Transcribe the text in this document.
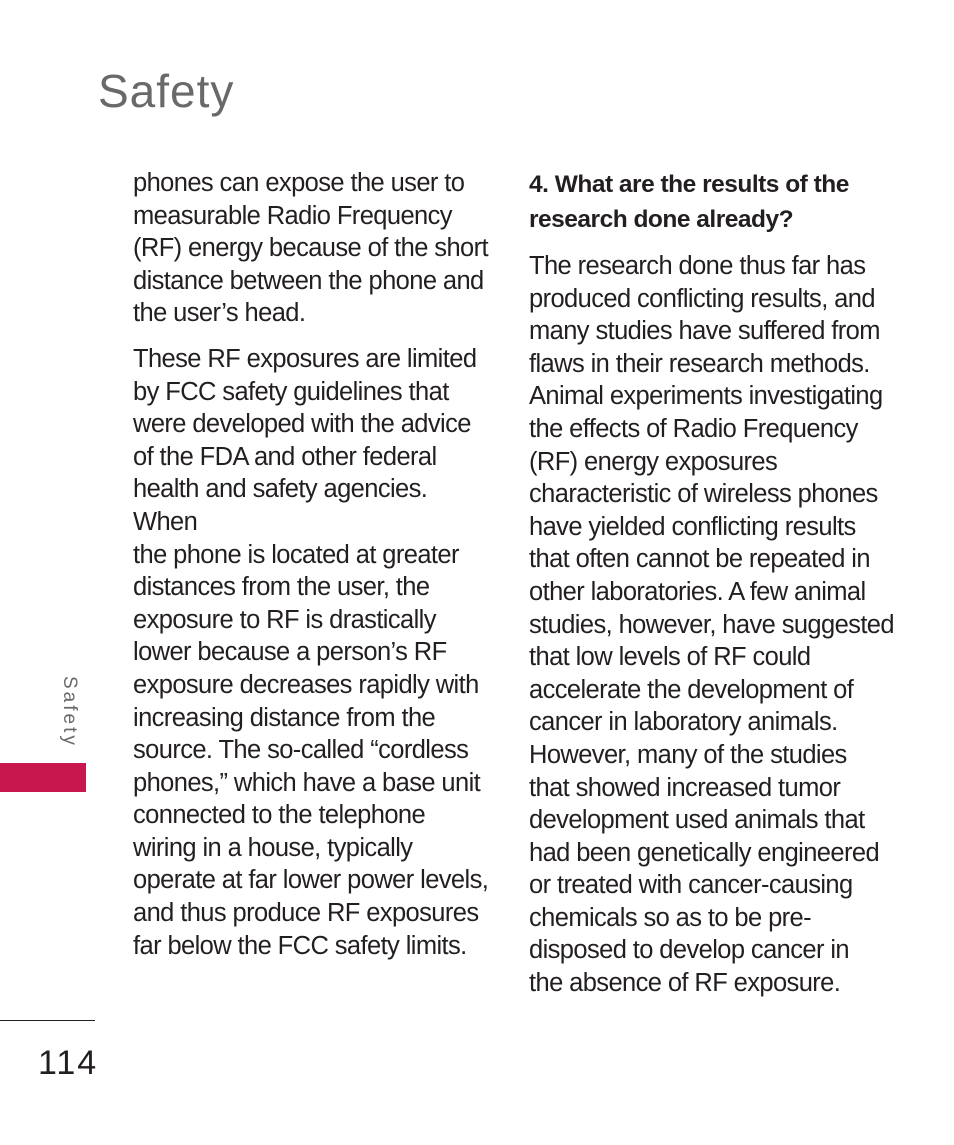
Safety

phones can expose the user to
measurable Radio Frequency
(RF) energy because of the short
distance between the phone and
the user’s head.

These RF exposures are limited
by FCC safety guidelines that
were developed with the advice
of the FDA and other federal
health and safety agencies. When
the phone is located at greater
distances from the user, the
exposure to RF is drastically
lower because a person’s RF
exposure decreases rapidly with
increasing distance from the
source. The so-called “cordless
phones,” which have a base unit
connected to the telephone
wiring in a house, typically
operate at far lower power levels,
and thus produce RF exposures
far below the FCC safety limits.

4. What are the results of the
research done already?

The research done thus far has
produced conflicting results, and
many studies have suffered from
flaws in their research methods.
Animal experiments investigating
the effects of Radio Frequency
(RF) energy exposures
characteristic of wireless phones
have yielded conflicting results
that often cannot be repeated in
other laboratories. A few animal
studies, however, have suggested
that low levels of RF could
accelerate the development of
cancer in laboratory animals.
However, many of the studies
that showed increased tumor
development used animals that
had been genetically engineered
or treated with cancer-causing
chemicals so as to be pre-
disposed to develop cancer in
the absence of RF exposure.

Safety
114
